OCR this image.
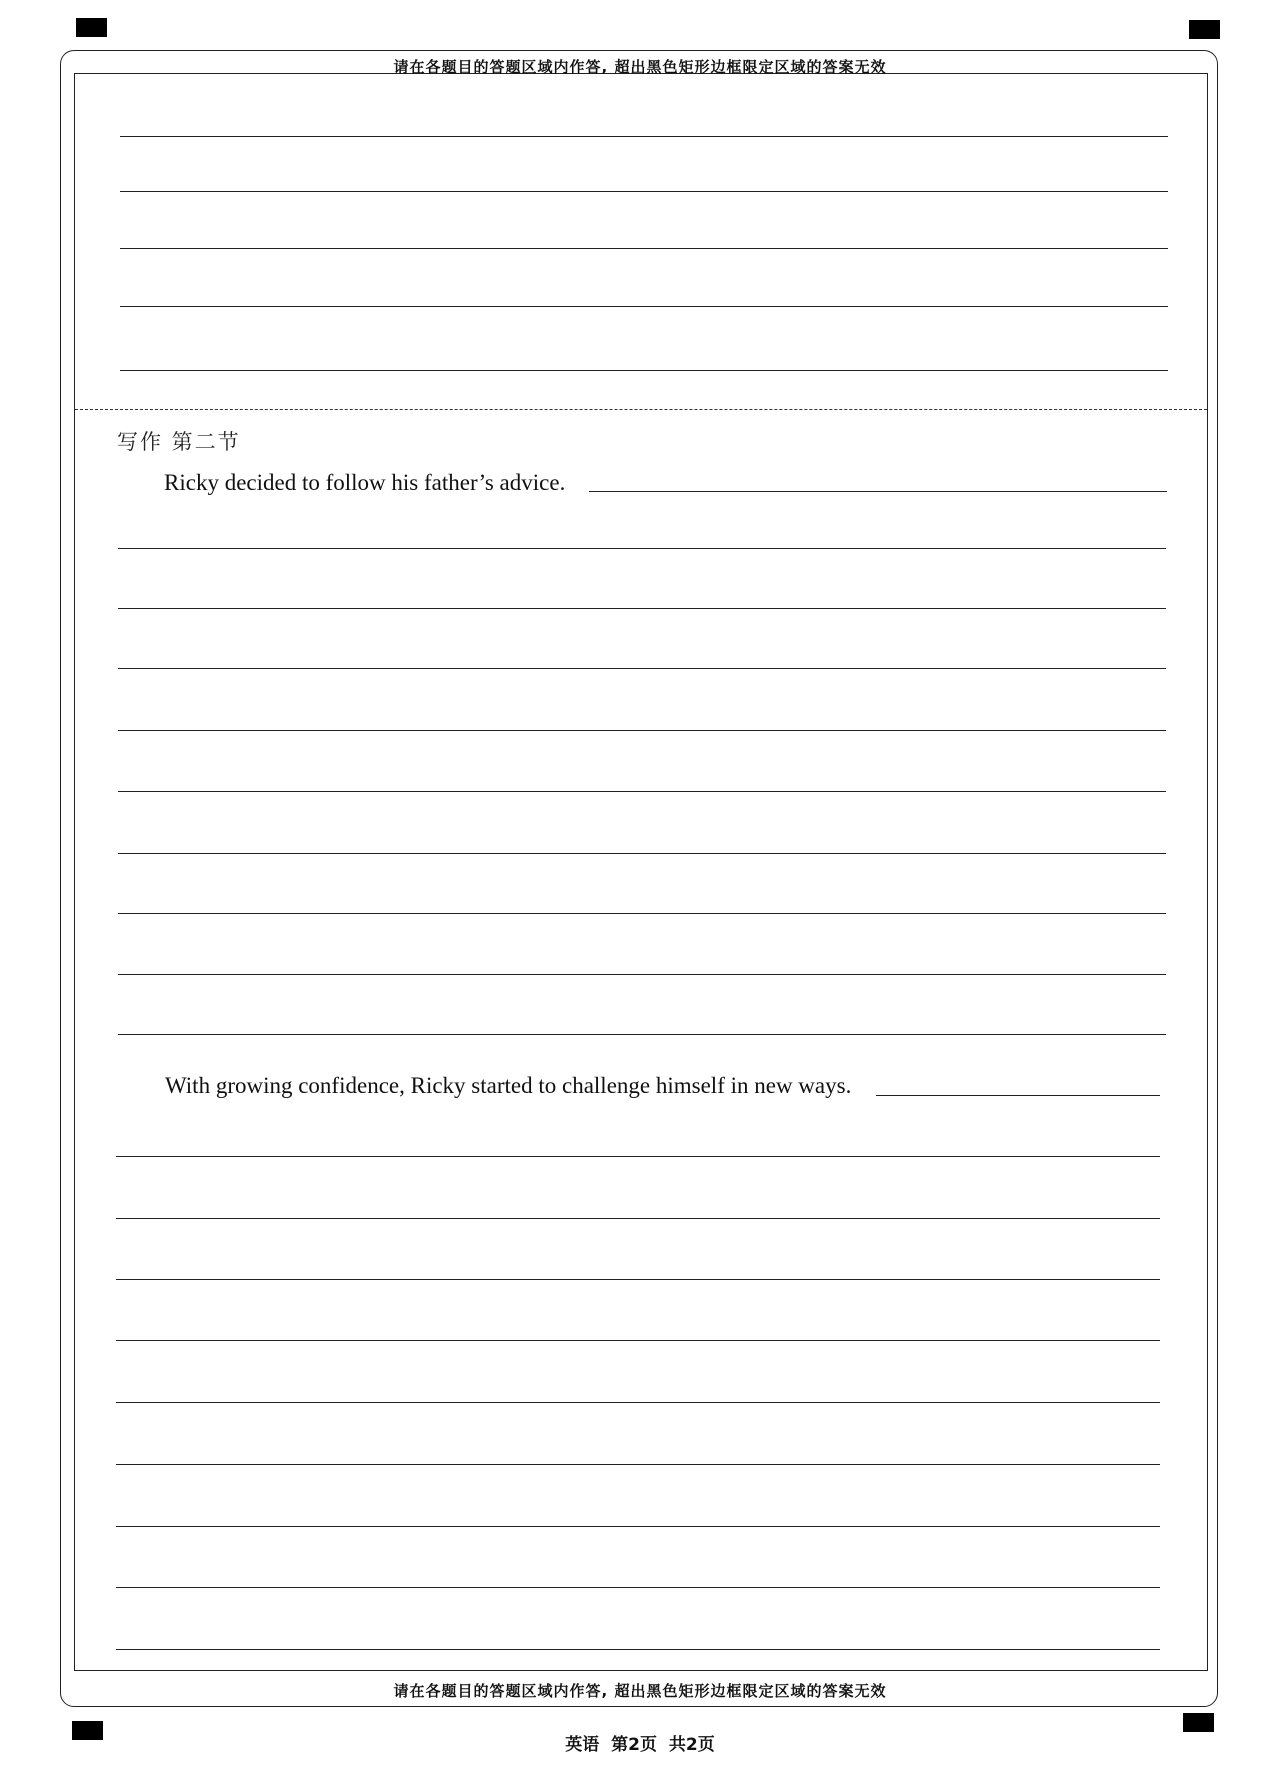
请在各题目的答题区域内作答, 超出黑色矩形边框限定区域的答案无效
写作 第二节
Ricky decided to follow his father’s advice.
With growing confidence, Ricky started to challenge himself in new ways.
请在各题目的答题区域内作答, 超出黑色矩形边框限定区域的答案无效
英语 第2页 共2页
